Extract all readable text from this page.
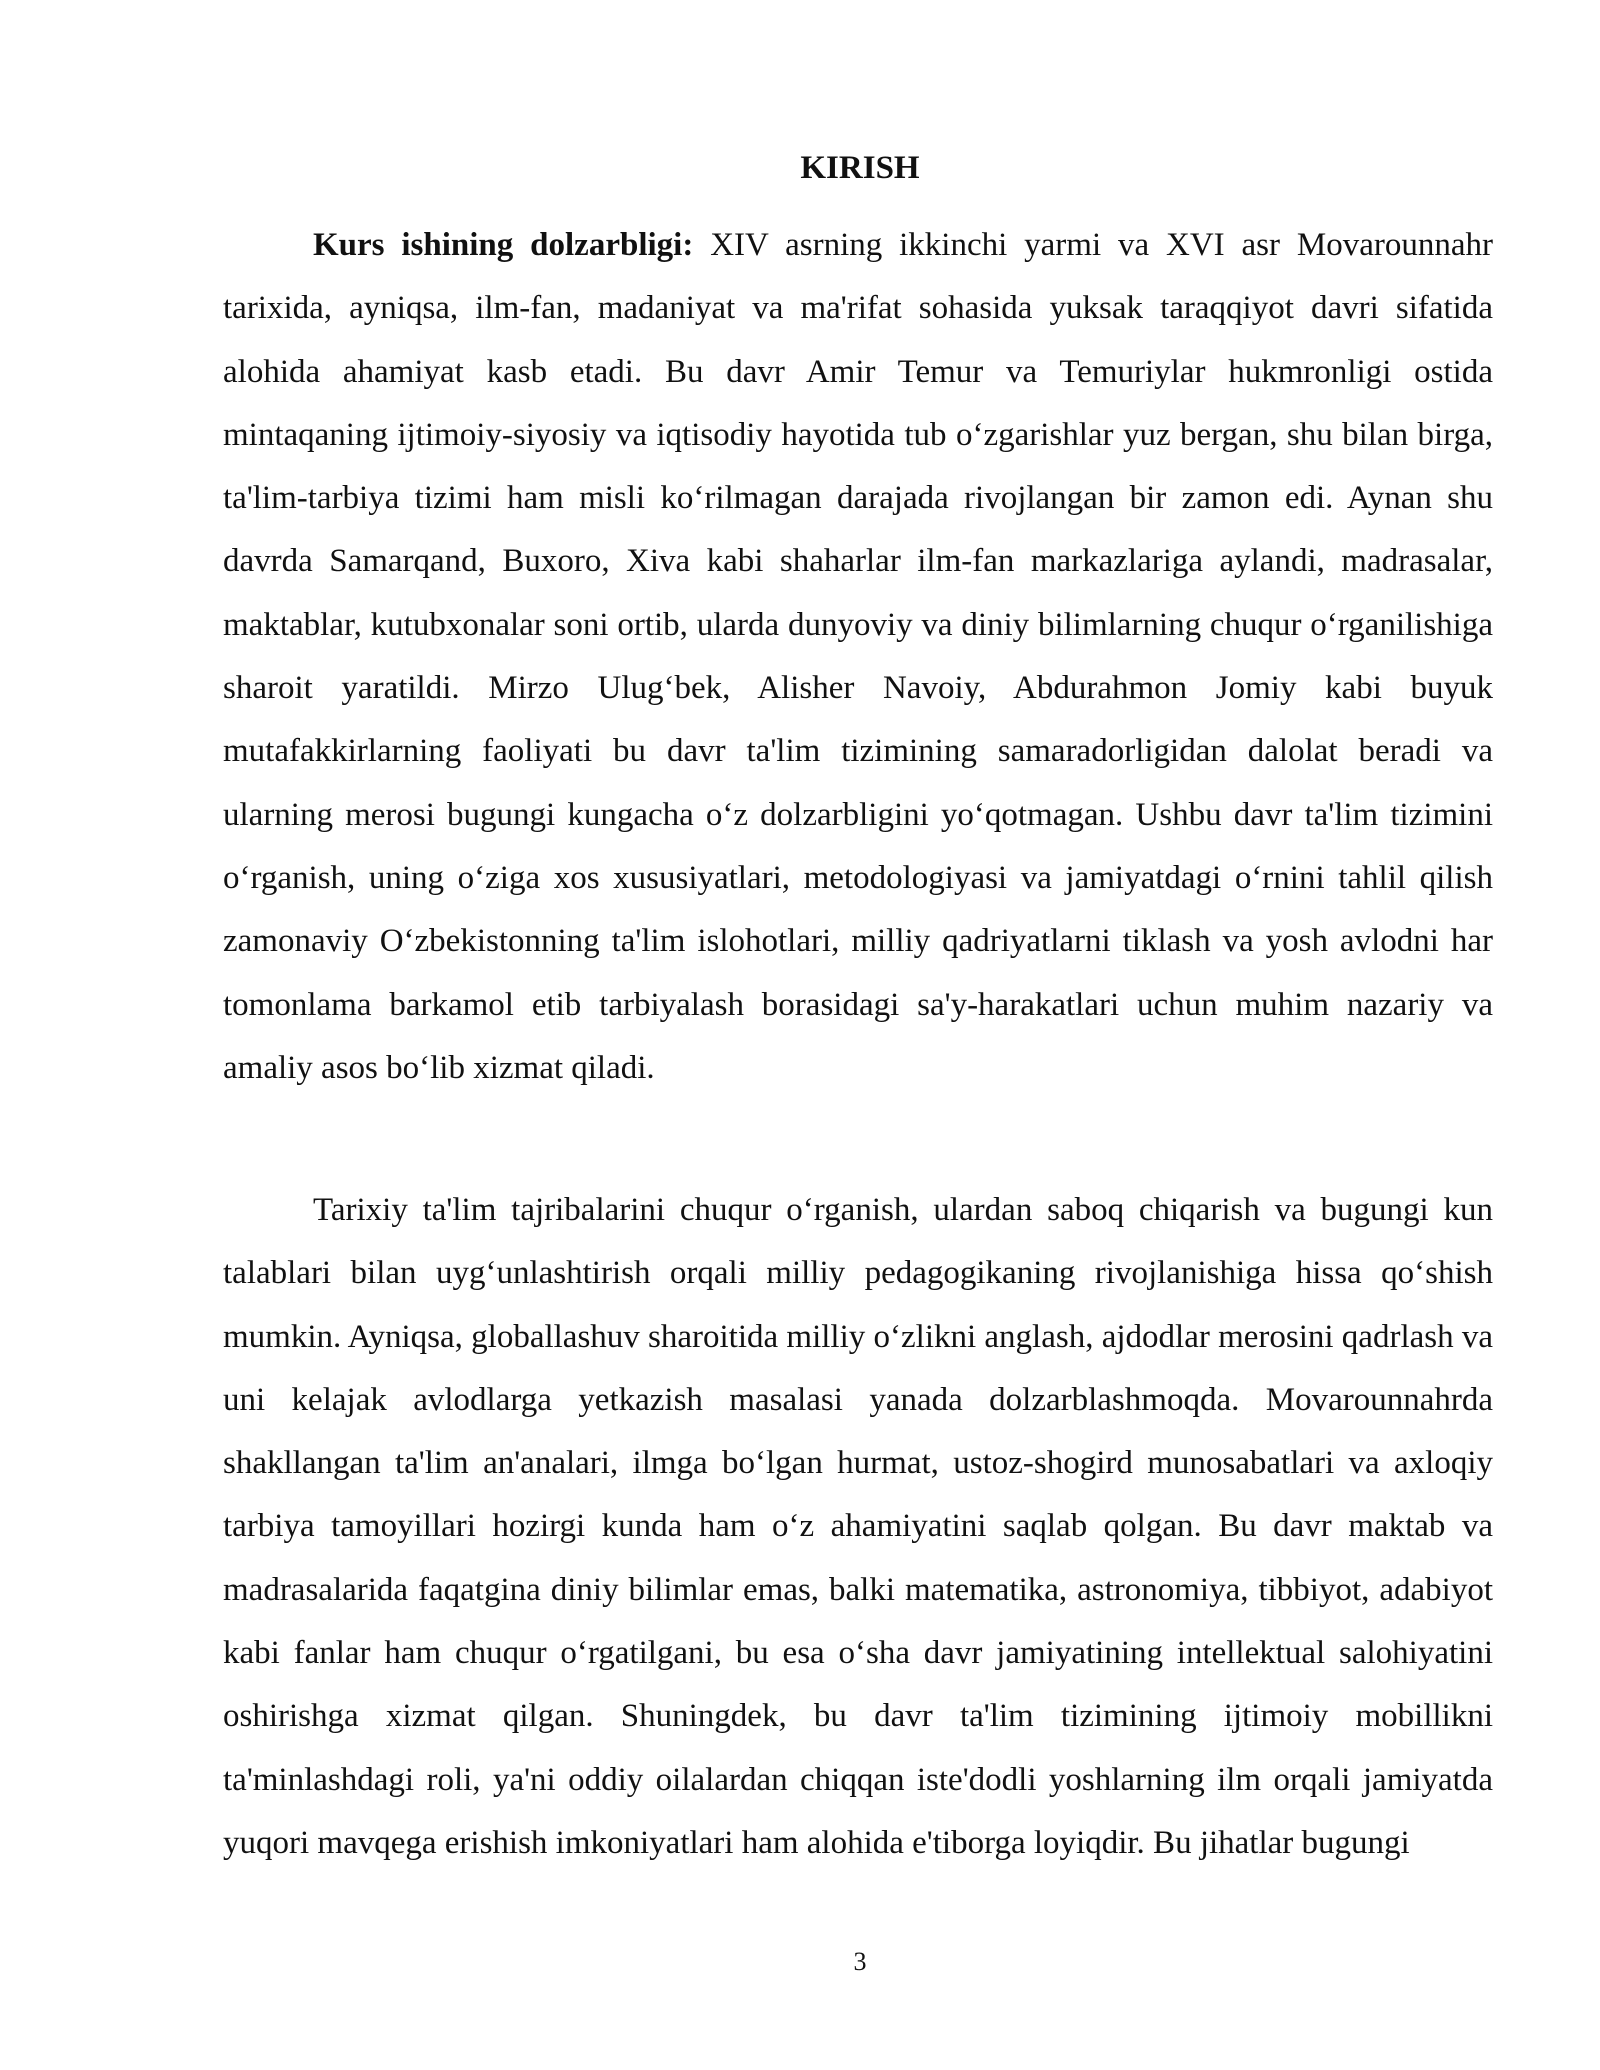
KIRISH

Kurs ishining dolzarbligi: XIV asrning ikkinchi yarmi va XVI asr Movarounnahr tarixida, ayniqsa, ilm-fan, madaniyat va ma'rifat sohasida yuksak taraqqiyot davri sifatida alohida ahamiyat kasb etadi. Bu davr Amir Temur va Temuriylar hukmronligi ostida mintaqaning ijtimoiy-siyosiy va iqtisodiy hayotida tub o‘zgarishlar yuz bergan, shu bilan birga, ta'lim-tarbiya tizimi ham misli ko‘rilmagan darajada rivojlangan bir zamon edi. Aynan shu davrda Samarqand, Buxoro, Xiva kabi shaharlar ilm-fan markazlariga aylandi, madrasalar, maktablar, kutubxonalar soni ortib, ularda dunyoviy va diniy bilimlarning chuqur o‘rganilishiga sharoit yaratildi. Mirzo Ulug‘bek, Alisher Navoiy, Abdurahmon Jomiy kabi buyuk mutafakkirlarning faoliyati bu davr ta'lim tizimining samaradorligidan dalolat beradi va ularning merosi bugungi kungacha o‘z dolzarbligini yo‘qotmagan. Ushbu davr ta'lim tizimini o‘rganish, uning o‘ziga xos xususiyatlari, metodologiyasi va jamiyatdagi o‘rnini tahlil qilish zamonaviy O‘zbekistonning ta'lim islohotlari, milliy qadriyatlarni tiklash va yosh avlodni har tomonlama barkamol etib tarbiyalash borasidagi sa'y-harakatlari uchun muhim nazariy va amaliy asos bo‘lib xizmat qiladi.

Tarixiy ta'lim tajribalarini chuqur o‘rganish, ulardan saboq chiqarish va bugungi kun talablari bilan uyg‘unlashtirish orqali milliy pedagogikaning rivojlanishiga hissa qo‘shish mumkin. Ayniqsa, globallashuv sharoitida milliy o‘zlikni anglash, ajdodlar merosini qadrlash va uni kelajak avlodlarga yetkazish masalasi yanada dolzarblashmoqda. Movarounnahrda shakllangan ta'lim an'analari, ilmga bo‘lgan hurmat, ustoz-shogird munosabatlari va axloqiy tarbiya tamoyillari hozirgi kunda ham o‘z ahamiyatini saqlab qolgan. Bu davr maktab va madrasalarida faqatgina diniy bilimlar emas, balki matematika, astronomiya, tibbiyot, adabiyot kabi fanlar ham chuqur o‘rgatilgani, bu esa o‘sha davr jamiyatining intellektual salohiyatini oshirishga xizmat qilgan. Shuningdek, bu davr ta'lim tizimining ijtimoiy mobillikni ta'minlashdagi roli, ya'ni oddiy oilalardan chiqqan iste'dodli yoshlarning ilm orqali jamiyatda yuqori mavqega erishish imkoniyatlari ham alohida e'tiborga loyiqdir. Bu jihatlar bugungi

3
